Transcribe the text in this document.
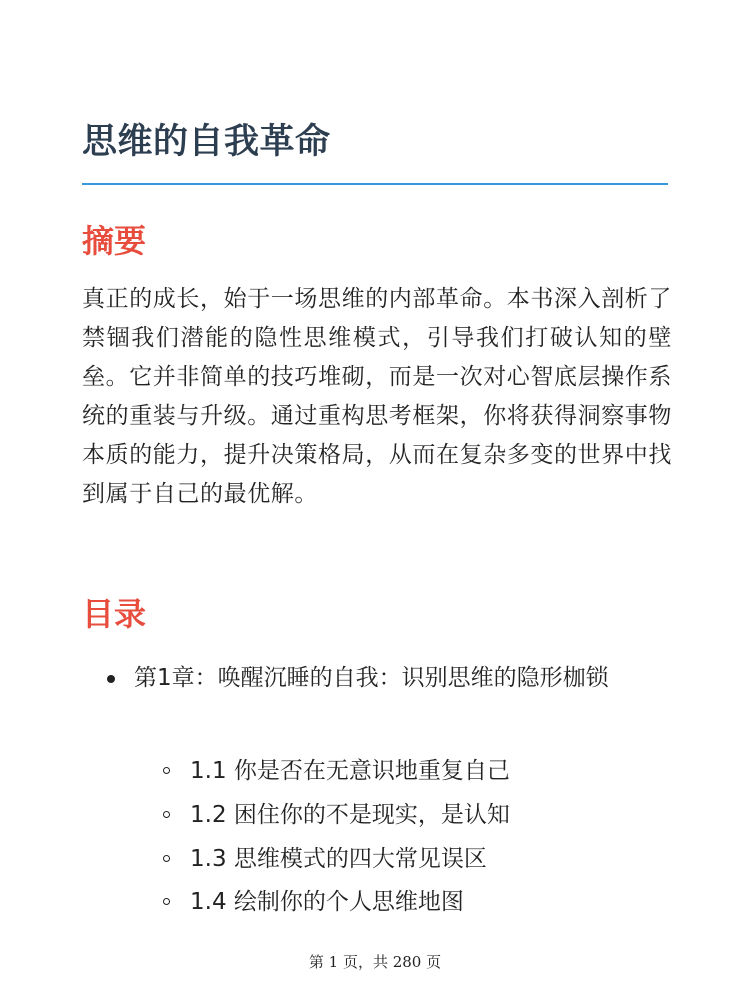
思维的自我革命
摘要

真正的成长，始于一场思维的内部革命。本书深入剖析了禁锢我们潜能的隐性思维模式，引导我们打破认知的壁垒。它并非简单的技巧堆砌，而是一次对心智底层操作系统的重装与升级。通过重构思考框架，你将获得洞察事物本质的能力，提升决策格局，从而在复杂多变的世界中找到属于自己的最优解。

目录
第1章：唤醒沉睡的自我：识别思维的隐形枷锁
1.1 你是否在无意识地重复自己
1.2 困住你的不是现实，是认知
1.3 思维模式的四大常见误区
1.4 绘制你的个人思维地图
第 1 页，共 280 页
